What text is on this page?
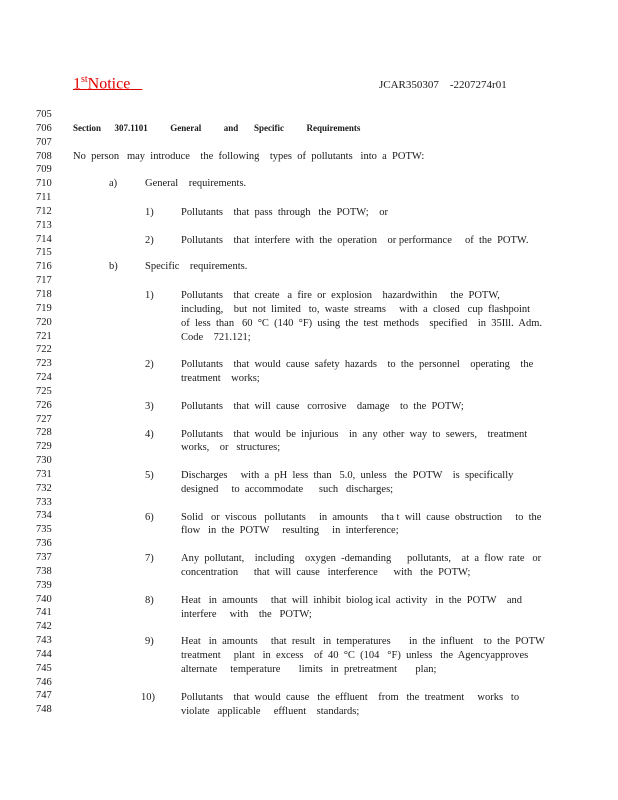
1stNotice	JCAR350307    -2207274r01
705
706
707
708
709
710
711
712
713
714
715
716
717
718
719
720
721
722
723
724
725
726
727
728
729
730
731
732
733
734
735
736
737
738
739
740
741
742
743
744
745
746
747
748
Section      307.1101          General          and       Specific          Requirements
No  person   may  introduce    the  following    types  of  pollutants   into  a  POTW:
a)	General    requirements.
b)	Specific    requirements.
1)	Pollutants    that  pass  through   the  POTW;    or
2)	Pollutants    that  interfere  with  the  operation    or performance     of  the  POTW.
1)	Pollutants    that  create   a  fire  or  explosion    hazardwithin     the  POTW,
including,    but  not  limited   to,  waste  streams     with  a  closed   cup  flashpoint
of  less  than   60  °C  (140  °F)  using  the  test  methods    specified    in  35Ill.  Adm.
Code    721.121;
2)	Pollutants    that  would  cause  safety  hazards    to  the  personnel    operating    the
treatment    works;
3)	Pollutants    that  will  cause   corrosive    damage    to  the  POTW;
4)	Pollutants    that  would  be  injurious    in  any  other  way  to  sewers,    treatment
works,    or   structures;
5)	Discharges     with  a  pH  less  than   5.0,  unless   the  POTW    is  specifically
designed     to  accommodate      such   discharges;
6)	Solid   or  viscous   pollutants     in  amounts     tha t  will  cause  obstruction     to  the
flow   in  the  POTW     resulting     in  interference;
7)	Any  pollutant,    including    oxygen  -demanding      pollutants,    at  a  flow  rate   or
concentration      that  will  cause   interference      with   the  POTW;
8)	Heat   in  amounts     that  will  inhibit  biolog ical  activity   in  the  POTW    and
interfere     with    the   POTW;
9)	Heat   in  amounts     that  result   in  temperatures       in  the  influent    to  the  POTW
treatment     plant   in  excess    of  40  °C  (104   °F)  unless   the  Agencyapproves
alternate     temperature       limits   in  pretreatment       plan;
10) Pollutants    that  would  cause   the  effluent    from   the  treatment     works   to
violate   applicable     effluent    standards;
